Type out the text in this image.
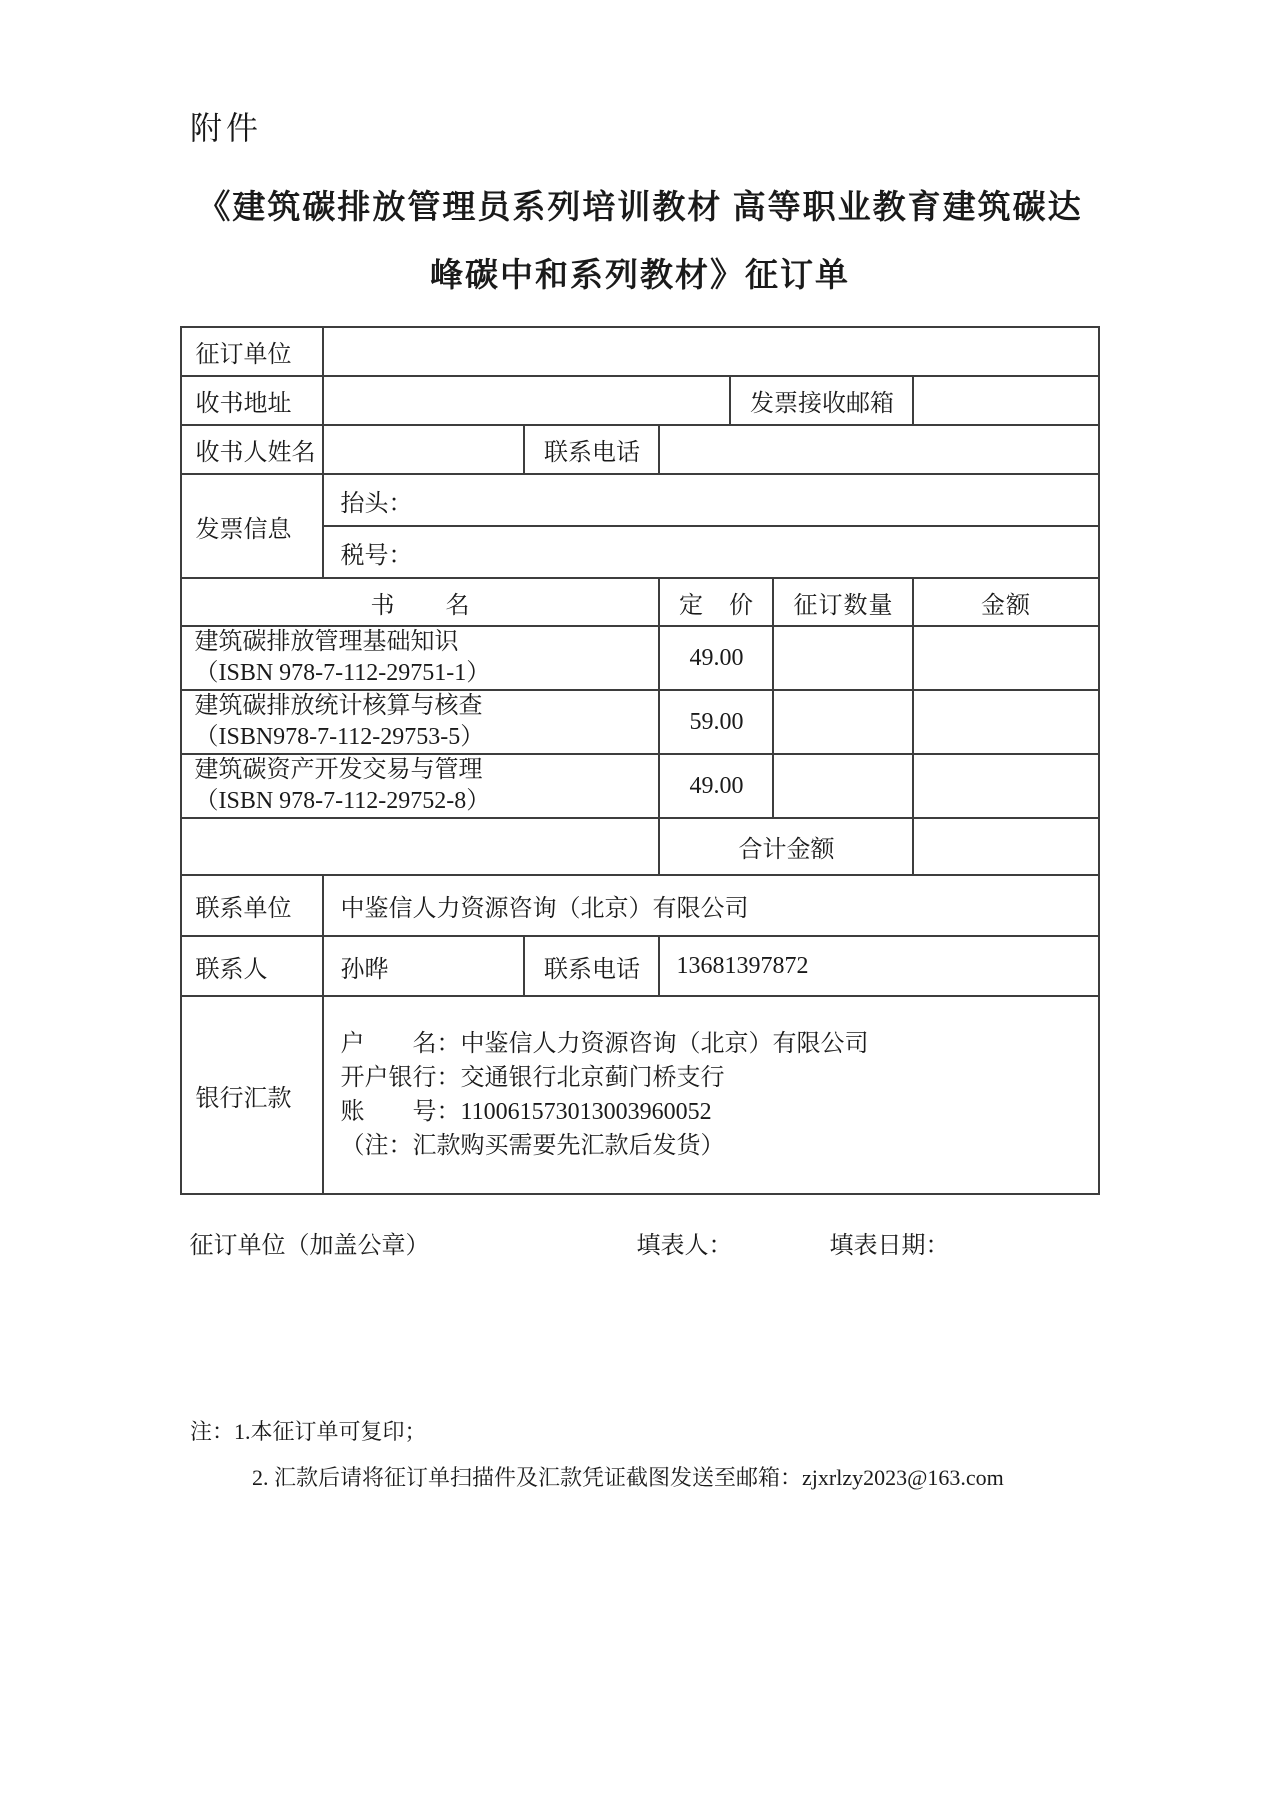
附件
《建筑碳排放管理员系列培训教材 高等职业教育建筑碳达
峰碳中和系列教材》征订单
征订单位						
收书地址				发票接收邮箱		
收书人姓名		联系电话				
发票信息	抬头：					
	税号：					
书　　名			定　价		征订数量	金额

建筑碳排放管理基础知识
（ISBN 978-7-112-29751-1）			49.00			

建筑碳排放统计核算与核查
（ISBN978-7-112-29753-5）			59.00			

建筑碳资产开发交易与管理
（ISBN 978-7-112-29752-8）			49.00			
			合计金额			
联系单位	中鉴信人力资源咨询（北京）有限公司					
联系人	孙晔	联系电话	13681397872			
银行汇款	户　　名：中鉴信人力资源咨询（北京）有限公司
开户银行：交通银行北京蓟门桥支行
账　　号：110061573013003960052
（注：汇款购买需要先汇款后发货）					
征订单位（加盖公章）	填表人：	填表日期：
注：1.本征订单可复印；
2. 汇款后请将征订单扫描件及汇款凭证截图发送至邮箱：zjxrlzy2023@163.com
